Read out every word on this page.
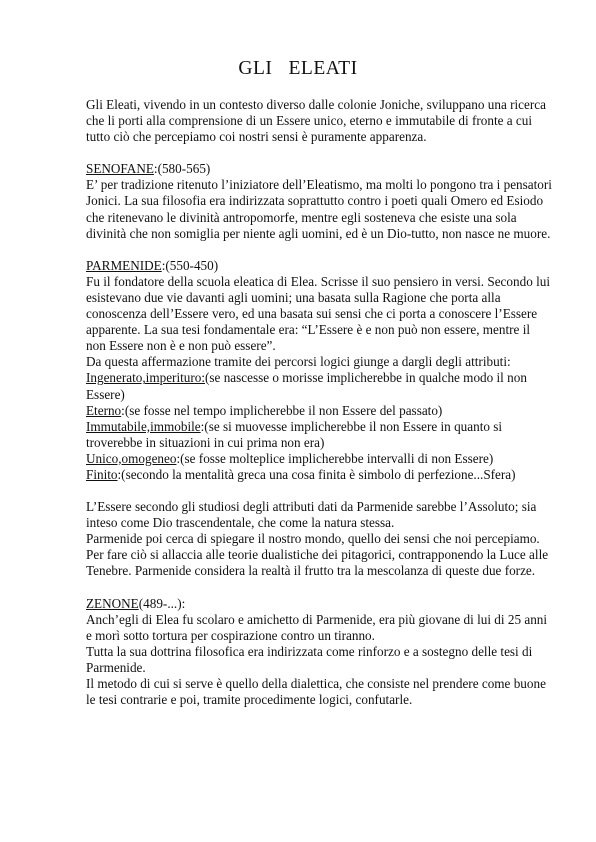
GLI   ELEATI

Gli Eleati, vivendo in un contesto diverso dalle colonie Joniche, sviluppano una ricerca che li porti alla comprensione di un Essere unico, eterno e immutabile di fronte a cui tutto ciò che percepiamo coi nostri sensi è puramente apparenza.

SENOFANE:(580-565)

E’ per tradizione ritenuto l’iniziatore dell’Eleatismo, ma molti lo pongono tra i pensatori Jonici. La sua filosofia era indirizzata soprattutto contro i poeti quali Omero ed Esiodo che ritenevano le divinità antropomorfe, mentre egli sosteneva che esiste una sola divinità che non somiglia per niente agli uomini, ed è un Dio-tutto, non nasce ne muore.

PARMENIDE:(550-450)

Fu il fondatore della scuola eleatica di Elea. Scrisse il suo pensiero in versi. Secondo lui esistevano due vie davanti agli uomini; una basata sulla Ragione che porta alla conoscenza dell’Essere vero, ed una basata sui sensi che ci porta a conoscere l’Essere apparente. La sua tesi fondamentale era: “L’Essere è e non può non essere, mentre il non Essere non è e non può essere”.

Da questa affermazione tramite dei percorsi logici giunge a dargli degli attributi:

Ingenerato,imperituro:(se nascesse o morisse implicherebbe in qualche modo il non Essere)

Eterno:(se fosse nel tempo implicherebbe il non Essere del passato)

Immutabile,immobile:(se si muovesse implicherebbe il non Essere in quanto si troverebbe in situazioni in cui prima non era)

Unico,omogeneo:(se fosse molteplice implicherebbe intervalli di non Essere)

Finito:(secondo la mentalità greca una cosa finita è simbolo di perfezione...Sfera)

L’Essere secondo gli studiosi degli attributi dati da Parmenide sarebbe l’Assoluto; sia inteso come Dio trascendentale, che come la natura stessa.

Parmenide poi cerca di spiegare il nostro mondo, quello dei sensi che noi percepiamo.

Per fare ciò si allaccia alle teorie dualistiche dei pitagorici, contrapponendo la Luce alle Tenebre. Parmenide considera la realtà il frutto tra la mescolanza di queste due forze.

ZENONE(489-...):

Anch’egli di Elea fu scolaro e amichetto di Parmenide, era più giovane di lui di 25 anni e morì sotto tortura per cospirazione contro un tiranno.

Tutta la sua dottrina filosofica era indirizzata come rinforzo e a sostegno delle tesi di Parmenide.

Il metodo di cui si serve è quello della dialettica, che consiste nel prendere come buone le tesi contrarie e poi, tramite procedimente logici, confutarle.
